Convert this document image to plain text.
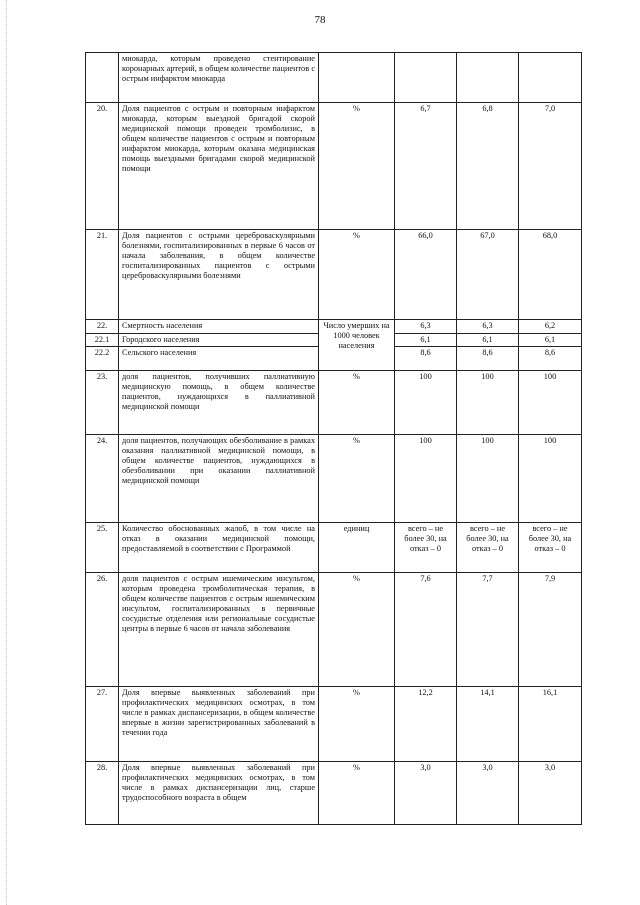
78
	миокарда, которым проведено стентирование коронарных артерий, в общем количестве пациентов с острым инфарктом миокарда				
20.	Доля пациентов с острым и повторным инфарктом миокарда, которым выездной бригадой скорой медицинской помощи проведен тромболизис, в общем количестве пациентов с острым и повторным инфарктом миокарда, которым оказана медицинская помощь выездными бригадами скорой медицинской помощи	%	6,7	6,8	7,0
21.	Доля пациентов с острыми цереброваскулярными болезнями, госпитализированных в первые 6 часов от начала заболевания, в общем количестве госпитализированных пациентов с острыми цереброваскулярными болезнями	%	66,0	67,0	68,0
22.	Смертность населения	Число умерших на 1000 человек населения	6,3	6,3	6,2
22.1	Городского населения		6,1	6,1	6,1
22.2	Сельского населения		8,6	8,6	8,6
23.	доля пациентов, получивших паллиативную медицинскую помощь, в общем количестве пациентов, нуждающихся в паллиативной медицинской помощи	%	100	100	100
24.	доля пациентов, получающих обезболивание в рамках оказания паллиативной медицинской помощи, в общем количестве пациентов, нуждающихся в обезболивании при оказании паллиативной медицинской помощи	%	100	100	100
25.	Количество обоснованных жалоб, в том числе на отказ в оказании медицинской помощи, предоставляемой в соответствии с Программой	единиц	всего – не более 30, на отказ – 0	всего – не более 30, на отказ – 0	всего – не более 30, на отказ – 0
26.	доля пациентов с острым ишемическим инсультом, которым проведена тромболитическая терапия, в общем количестве пациентов с острым ишемическим инсультом, госпитализированных в первичные сосудистые отделения или региональные сосудистые центры в первые 6 часов от начала заболевания	%	7,6	7,7	7,9
27.	Доля впервые выявленных заболеваний при профилактических медицинских осмотрах, в том числе в рамках диспансеризации, в общем количестве впервые в жизни зарегистрированных заболеваний в течении года	%	12,2	14,1	16,1
28.	Доля впервые выявленных заболеваний при профилактических медицинских осмотрах, в том числе в рамках диспансеризации лиц, старше трудоспособного возраста в общем	%	3,0	3,0	3,0
